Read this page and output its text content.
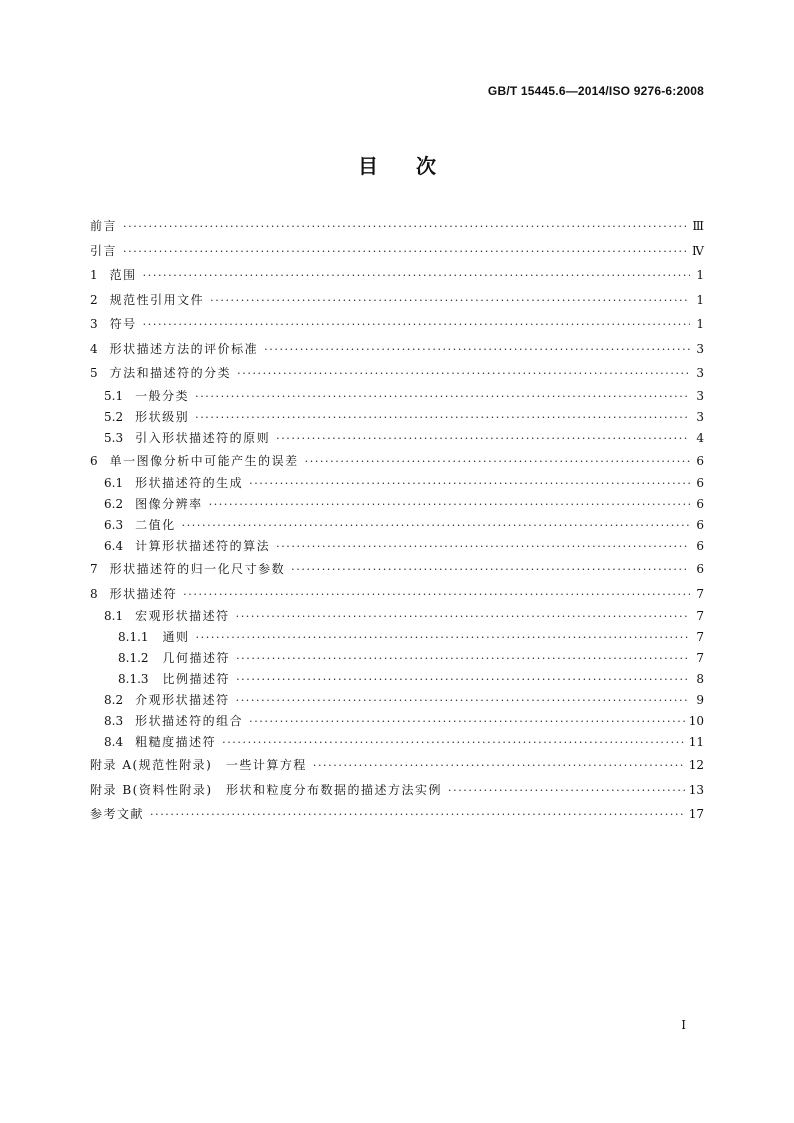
GB/T 15445.6—2014/ISO 9276-6:2008
目次
前言 ·····	Ⅲ
引言 ·····	Ⅳ
1 范围 ·····	1
2 规范性引用文件 ·····	1
3 符号 ·····	1
4 形状描述方法的评价标准 ·····	3
5 方法和描述符的分类 ·····	3
5.1 一般分类 ·····	3
5.2 形状级别 ·····	3
5.3 引入形状描述符的原则 ·····	4
6 单一图像分析中可能产生的误差 ·····	6
6.1 形状描述符的生成 ·····	6
6.2 图像分辨率 ·····	6
6.3 二值化 ·····	6
6.4 计算形状描述符的算法 ·····	6
7 形状描述符的归一化尺寸参数 ·····	6
8 形状描述符 ·····	7
8.1 宏观形状描述符 ·····	7
8.1.1 通则 ·····	7
8.1.2 几何描述符 ·····	7
8.1.3 比例描述符 ·····	8
8.2 介观形状描述符 ·····	9
8.3 形状描述符的组合 ·····	10
8.4 粗糙度描述符 ·····	11
附录 A(规范性附录)　一些计算方程 ·····	12
附录 B(资料性附录)　形状和粒度分布数据的描述方法实例 ·····	13
参考文献 ·····	17
Ⅰ
